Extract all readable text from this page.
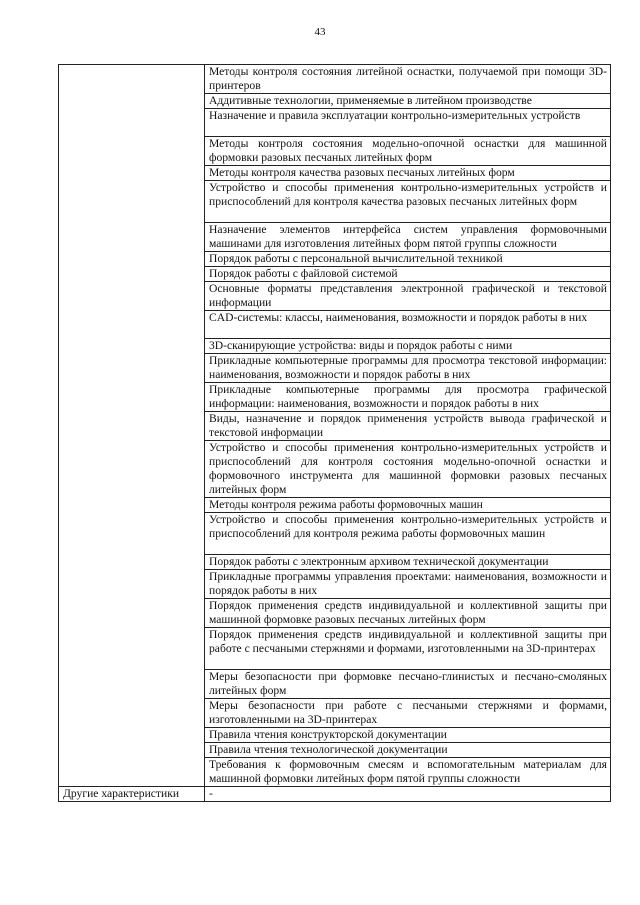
43
	Методы контроля состояния литейной оснастки, получаемой при помощи 3D-принтеров
	Аддитивные технологии, применяемые в литейном производстве
	Назначение и правила эксплуатации контрольно-измерительных устройств
	Методы контроля состояния модельно-опочной оснастки для машинной формовки разовых песчаных литейных форм
	Методы контроля качества разовых песчаных литейных форм
	Устройство и способы применения контрольно-измерительных устройств и приспособлений для контроля качества разовых песчаных литейных форм
	Назначение элементов интерфейса систем управления формовочными машинами для изготовления литейных форм пятой группы сложности
	Порядок работы с персональной вычислительной техникой
	Порядок работы с файловой системой
	Основные форматы представления электронной графической и текстовой информации
	CAD-системы: классы, наименования, возможности и порядок работы в них
	3D-сканирующие устройства: виды и порядок работы с ними
	Прикладные компьютерные программы для просмотра текстовой информации: наименования, возможности и порядок работы в них
	Прикладные компьютерные программы для просмотра графической информации: наименования, возможности и порядок работы в них
	Виды, назначение и порядок применения устройств вывода графической и текстовой информации
	Устройство и способы применения контрольно-измерительных устройств и приспособлений для контроля состояния модельно-опочной оснастки и формовочного инструмента для машинной формовки разовых песчаных литейных форм
	Методы контроля режима работы формовочных машин
	Устройство и способы применения контрольно-измерительных устройств и приспособлений для контроля режима работы формовочных машин
	Порядок работы с электронным архивом технической документации
	Прикладные программы управления проектами: наименования, возможности и порядок работы в них
	Порядок применения средств индивидуальной и коллективной защиты при машинной формовке разовых песчаных литейных форм
	Порядок применения средств индивидуальной и коллективной защиты при работе с песчаными стержнями и формами, изготовленными на 3D-принтерах
	Меры безопасности при формовке песчано-глинистых и песчано-смоляных литейных форм
	Меры безопасности при работе с песчаными стержнями и формами, изготовленными на 3D-принтерах
	Правила чтения конструкторской документации
	Правила чтения технологической документации
	Требования к формовочным смесям и вспомогательным материалам для машинной формовки литейных форм пятой группы сложности
Другие характеристики	-
